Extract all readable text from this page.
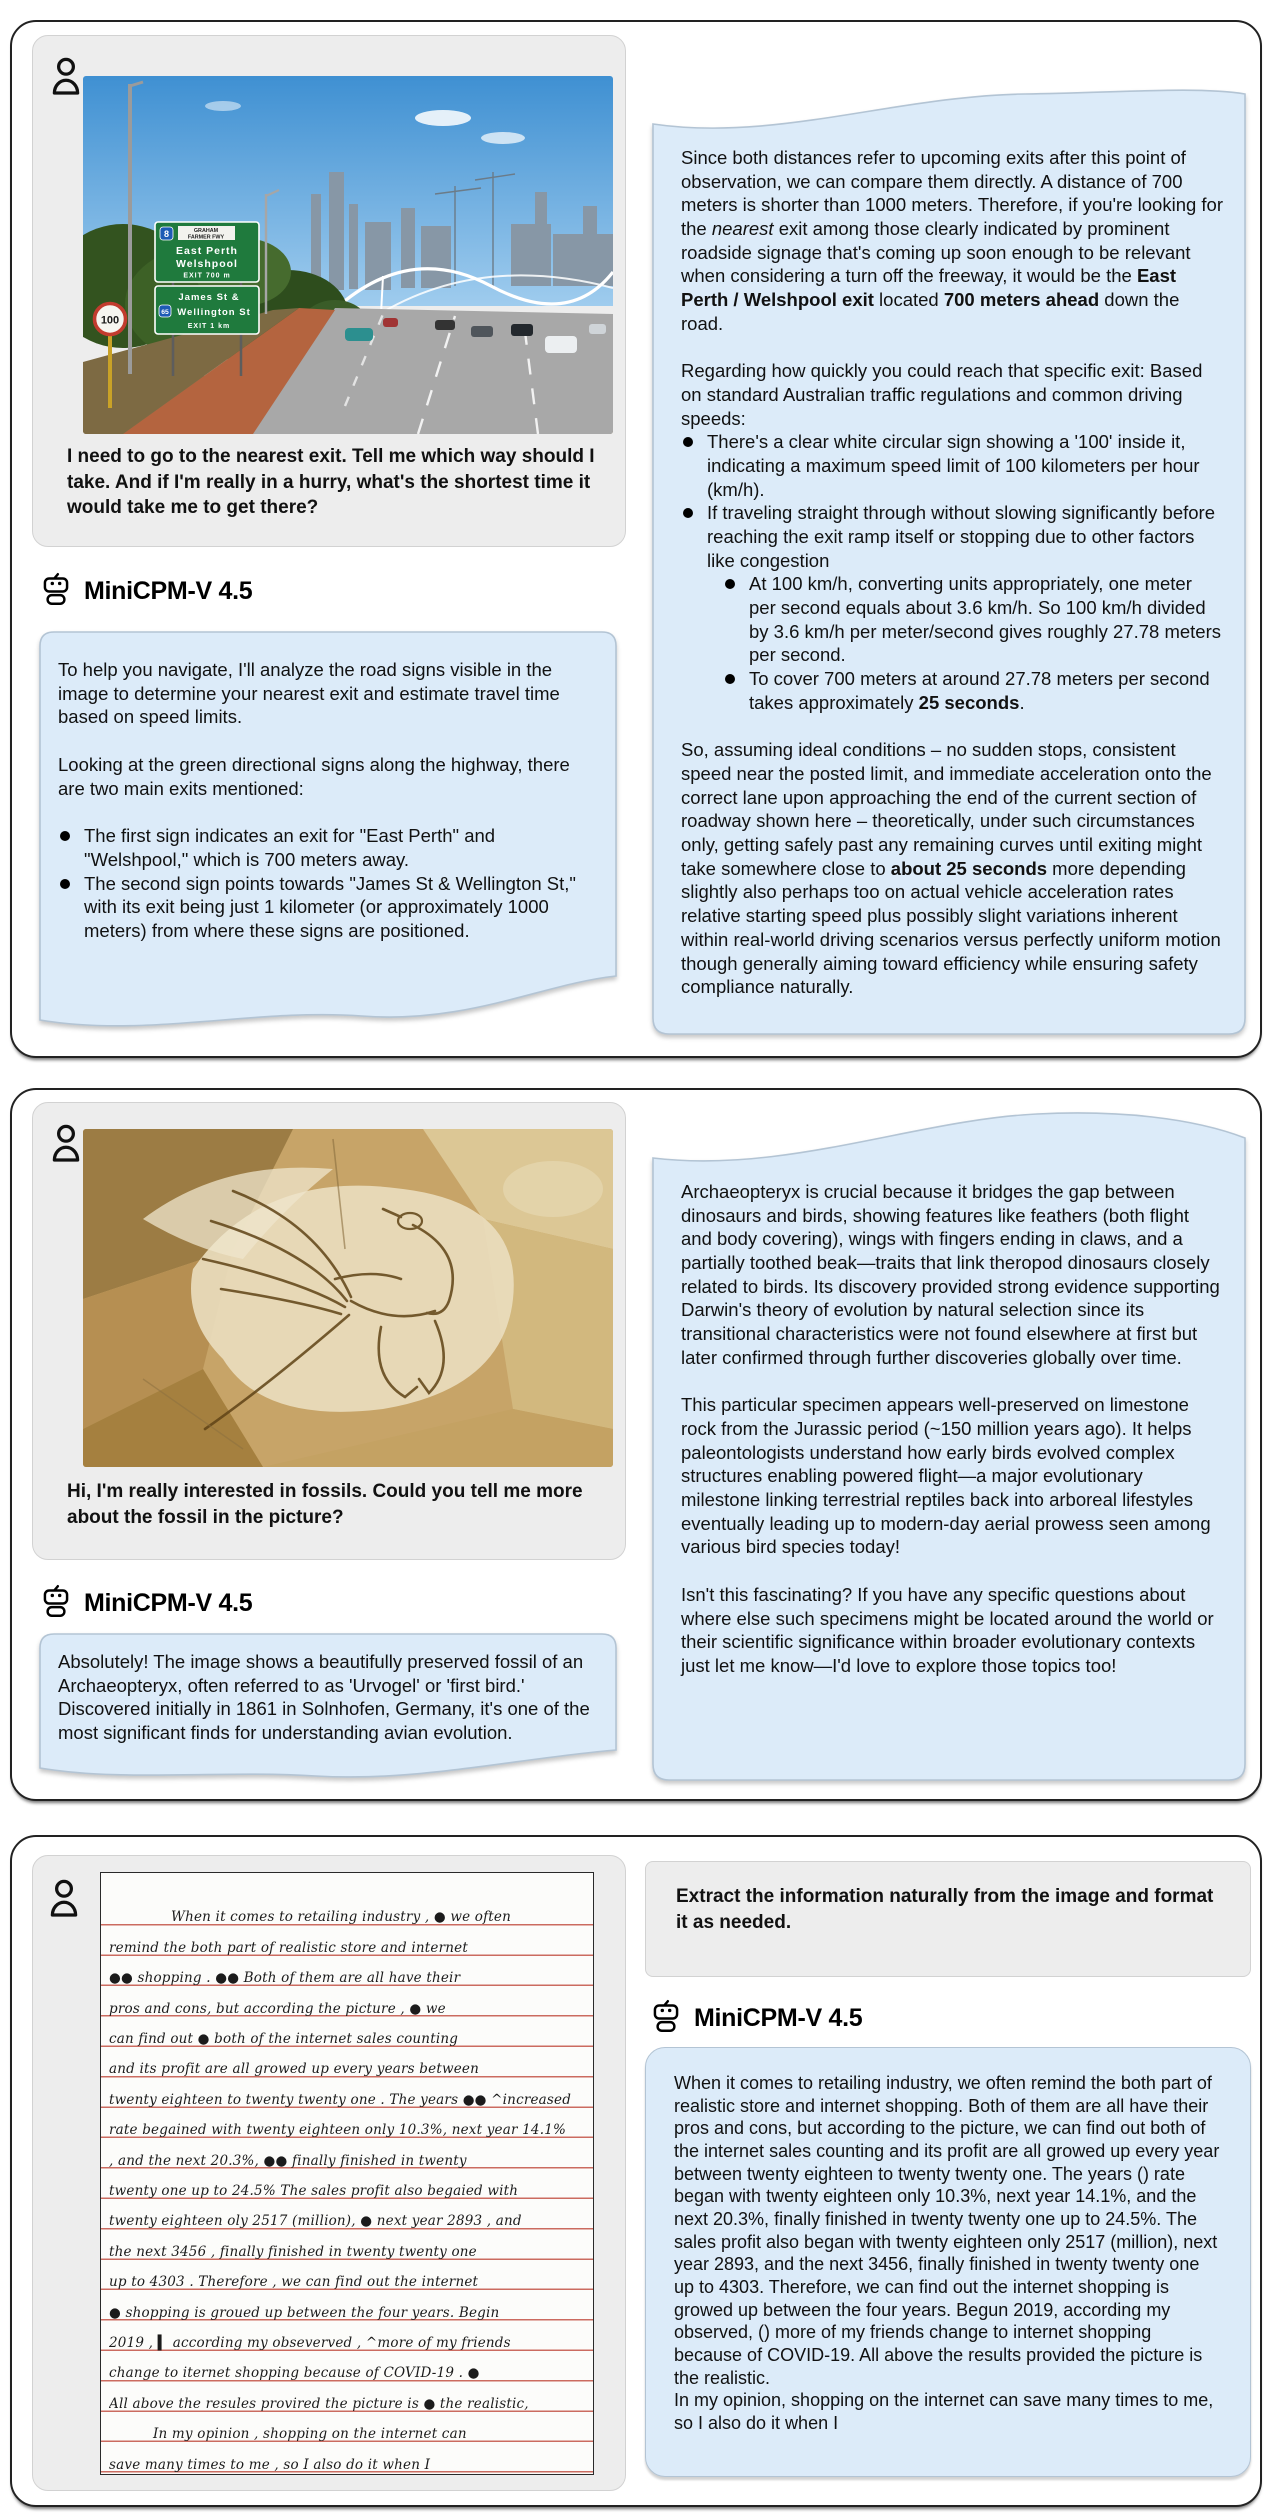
8	GRAHAM
FARMER FWY
East Perth
Welshpool
EXIT 700 m
James St &
65 Wellington St
EXIT 1 km
100
I need to go to the nearest exit. Tell me which way should I take. And if I'm really in a hurry, what's the shortest time it would take me to get there?
MiniCPM-V 4.5
To help you navigate, I'll analyze the road signs visible in the image to determine your nearest exit and estimate travel time based on speed limits.
Looking at the green directional signs along the highway, there are two main exits mentioned:
The first sign indicates an exit for "East Perth" and "Welshpool," which is 700 meters away.
The second sign points towards "James St & Wellington St," with its exit being just 1 kilometer (or approximately 1000 meters) from where these signs are positioned.
Since both distances refer to upcoming exits after this point of observation, we can compare them directly. A distance of 700 meters is shorter than 1000 meters. Therefore, if you're looking for the nearest exit among those clearly indicated by prominent roadside signage that's coming up soon enough to be relevant when considering a turn off the freeway, it would be the East Perth / Welshpool exit located 700 meters ahead down the road.
Regarding how quickly you could reach that specific exit: Based on standard Australian traffic regulations and common driving speeds:
There's a clear white circular sign showing a '100' inside it, indicating a maximum speed limit of 100 kilometers per hour (km/h).
If traveling straight through without slowing significantly before reaching the exit ramp itself or stopping due to other factors like congestion
At 100 km/h, converting units appropriately, one meter per second equals about 3.6 km/h. So 100 km/h divided by 3.6 km/h per meter/second gives roughly 27.78 meters per second.
To cover 700 meters at around 27.78 meters per second takes approximately 25 seconds.
So, assuming ideal conditions – no sudden stops, consistent speed near the posted limit, and immediate acceleration onto the correct lane upon approaching the end of the current section of roadway shown here – theoretically, under such circumstances only, getting safely past any remaining curves until exiting might take somewhere close to about 25 seconds more depending slightly also perhaps too on actual vehicle acceleration rates relative starting speed plus possibly slight variations inherent within real-world driving scenarios versus perfectly uniform motion though generally aiming toward efficiency while ensuring safety compliance naturally.
Hi, I'm really interested in fossils. Could you tell me more about the fossil in the picture?
MiniCPM-V 4.5
Absolutely! The image shows a beautifully preserved fossil of an Archaeopteryx, often referred to as 'Urvogel' or 'first bird.' Discovered initially in 1861 in Solnhofen, Germany, it's one of the most significant finds for understanding avian evolution.
Archaeopteryx is crucial because it bridges the gap between dinosaurs and birds, showing features like feathers (both flight and body covering), wings with fingers ending in claws, and a partially toothed beak—traits that link theropod dinosaurs closely related to birds. Its discovery provided strong evidence supporting Darwin's theory of evolution by natural selection since its transitional characteristics were not found elsewhere at first but later confirmed through further discoveries globally over time.
This particular specimen appears well-preserved on limestone rock from the Jurassic period (~150 million years ago). It helps paleontologists understand how early birds evolved complex structures enabling powered flight—a major evolutionary milestone linking terrestrial reptiles back into arboreal lifestyles eventually leading up to modern-day aerial prowess seen among various bird species today!
Isn't this fascinating? If you have any specific questions about where else such specimens might be located around the world or their scientific significance within broader evolutionary contexts just let me know—I'd love to explore those topics too!
When it comes to retailing industry , ● we often
remind the both part of realistic store and internet
●● shopping . ●● Both of them are all have their
pros and cons, but according the picture , ● we
can find out ● both of the internet sales counting
and its profit are all growed up every years between
twenty eighteen to twenty twenty one . The years ●● ^increased
rate begained with twenty eighteen only 10.3%, next year 14.1%
, and the next 20.3%, ●● finally finished in twenty
twenty one up to 24.5% The sales profit also begaied with
twenty eighteen oly 2517 (million), ● next year 2893 , and
the next 3456 , finally finished in twenty twenty one
up to 4303 . Therefore , we can find out the internet
● shopping is groued up between the four years. Begin
2019 , ▍ according my obseverved , ^more of my friends
change to iternet shopping because of COVID-19 . ●
All above the resules provired the picture is ● the realistic,
In my opinion , shopping on the internet can
save many times to me , so I also do it when I
Extract the information naturally from the image and format it as needed.
MiniCPM-V 4.5
When it comes to retailing industry, we often remind the both part of realistic store and internet shopping. Both of them are all have their pros and cons, but according to the picture, we can find out both of the internet sales counting and its profit are all growed up every year between twenty eighteen to twenty twenty one. The years () rate began with twenty eighteen only 10.3%, next year 14.1%, and the next 20.3%, finally finished in twenty twenty one up to 24.5%. The sales profit also began with twenty eighteen only 2517 (million), next year 2893, and the next 3456, finally finished in twenty twenty one up to 4303. Therefore, we can find out the internet shopping is growed up between the four years. Begun 2019, according my observed, () more of my friends change to internet shopping because of COVID-19. All above the results provided the picture is the realistic.
In my opinion, shopping on the internet can save many times to me, so I also do it when I
